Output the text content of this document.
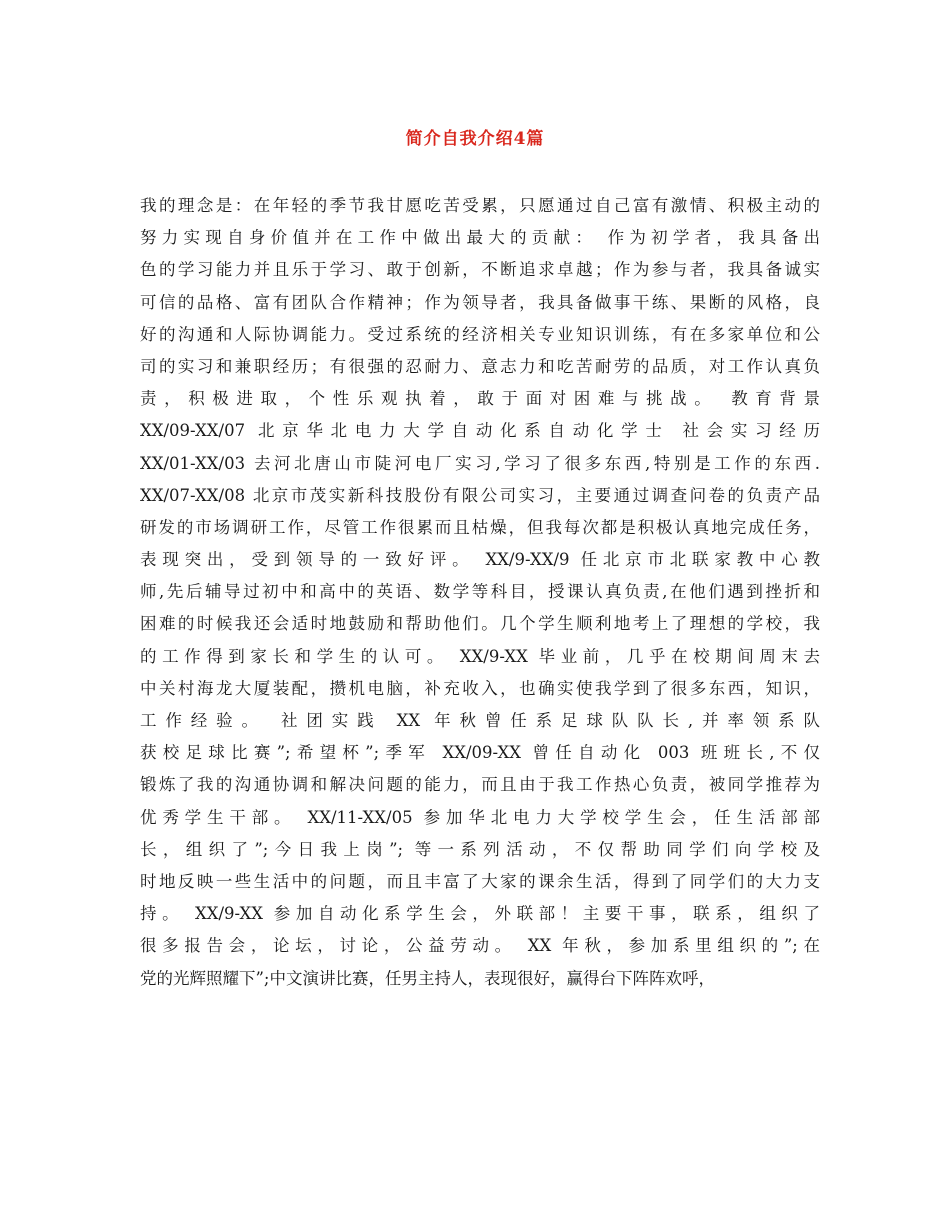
简介自我介绍4篇
我的理念是：在年轻的季节我甘愿吃苦受累，只愿通过自己富有激情、积极主动的
努力实现自身价值并在工作中做出最大的贡献： 作为初学者，我具备出
色的学习能力并且乐于学习、敢于创新，不断追求卓越；作为参与者，我具备诚实
可信的品格、富有团队合作精神；作为领导者，我具备做事干练、果断的风格，良
好的沟通和人际协调能力。受过系统的经济相关专业知识训练，有在多家单位和公
司的实习和兼职经历；有很强的忍耐力、意志力和吃苦耐劳的品质，对工作认真负
责，积极进取，个性乐观执着，敢于面对困难与挑战。 教育背景
XX/09-XX/07 北京华北电力大学自动化系自动化学士 社会实习经历
XX/01-XX/03 去河北唐山市陡河电厂实习,学习了很多东西,特别是工作的东西.
XX/07-XX/08 北京市茂实新科技股份有限公司实习，主要通过调查问卷的负责产品
研发的市场调研工作，尽管工作很累而且枯燥，但我每次都是积极认真地完成任务，
表现突出，受到领导的一致好评。 XX/9-XX/9 任北京市北联家教中心教
师,先后辅导过初中和高中的英语、数学等科目，授课认真负责,在他们遇到挫折和
困难的时候我还会适时地鼓励和帮助他们。几个学生顺利地考上了理想的学校，我
的工作得到家长和学生的认可。 XX/9-XX 毕业前，几乎在校期间周末去
中关村海龙大厦装配，攒机电脑，补充收入，也确实使我学到了很多东西，知识，
工作经验。 社团实践 XX 年秋曾任系足球队队长,并率领系队
获校足球比赛”;希望杯”;季军 XX/09-XX 曾任自动化 003 班班长,不仅
锻炼了我的沟通协调和解决问题的能力，而且由于我工作热心负责，被同学推荐为
优秀学生干部。 XX/11-XX/05 参加华北电力大学校学生会，任生活部部
长，组织了”;今日我上岗”; 等一系列活动，不仅帮助同学们向学校及
时地反映一些生活中的问题，而且丰富了大家的课余生活，得到了同学们的大力支
持。 XX/9-XX 参加自动化系学生会，外联部！主要干事，联系，组织了
很多报告会，论坛，讨论，公益劳动。 XX 年秋，参加系里组织的”;在
党的光辉照耀下”;中文演讲比赛，任男主持人，表现很好，赢得台下阵阵欢呼，
